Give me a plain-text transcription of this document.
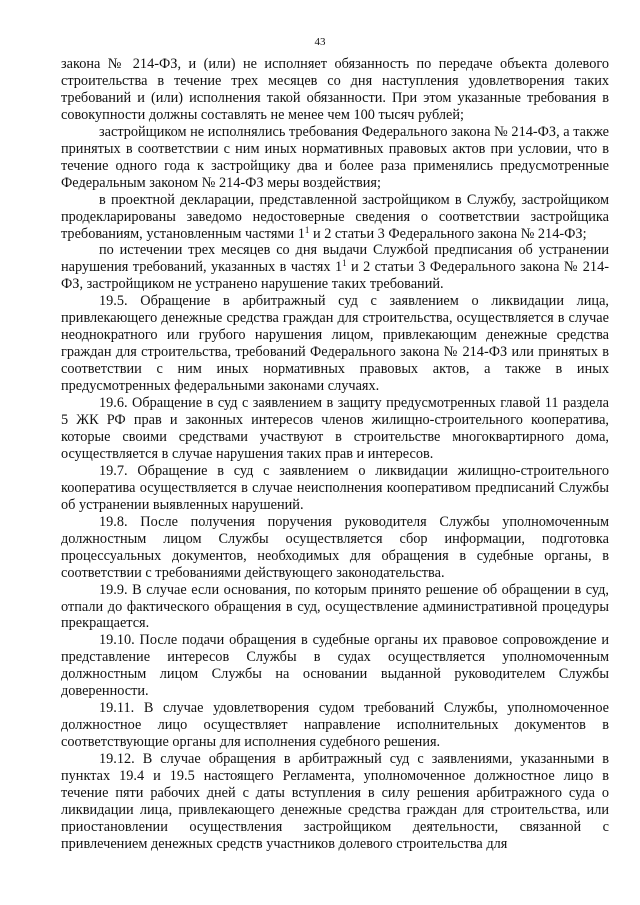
43

закона № 214-ФЗ, и (или) не исполняет обязанность по передаче объекта долевого строительства в течение трех месяцев со дня наступления удовлетворения таких требований и (или) исполнения такой обязанности. При этом указанные требования в совокупности должны составлять не менее чем 100 тысяч рублей;

застройщиком не исполнялись требования Федерального закона № 214-ФЗ, а также принятых в соответствии с ним иных нормативных правовых актов при условии, что в течение одного года к застройщику два и более раза применялись предусмотренные Федеральным законом № 214-ФЗ меры воздействия;

в проектной декларации, представленной застройщиком в Службу, застройщиком продекларированы заведомо недостоверные сведения о соответствии застройщика требованиям, установленным частями $1^1$ и 2 статьи 3 Федерального закона № 214-ФЗ;

по истечении трех месяцев со дня выдачи Службой предписания об устранении нарушения требований, указанных в частях $1^1$ и 2 статьи 3 Федерального закона № 214-ФЗ, застройщиком не устранено нарушение таких требований.

19.5. Обращение в арбитражный суд с заявлением о ликвидации лица, привлекающего денежные средства граждан для строительства, осуществляется в случае неоднократного или грубого нарушения лицом, привлекающим денежные средства граждан для строительства, требований Федерального закона № 214-ФЗ или принятых в соответствии с ним иных нормативных правовых актов, а также в иных предусмотренных федеральными законами случаях.

19.6. Обращение в суд с заявлением в защиту предусмотренных главой 11 раздела 5 ЖК РФ прав и законных интересов членов жилищно-строительного кооператива, которые своими средствами участвуют в строительстве многоквартирного дома, осуществляется в случае нарушения таких прав и интересов.

19.7. Обращение в суд с заявлением о ликвидации жилищно-строительного кооператива осуществляется в случае неисполнения кооперативом предписаний Службы об устранении выявленных нарушений.

19.8. После получения поручения руководителя Службы уполномоченным должностным лицом Службы осуществляется сбор информации, подготовка процессуальных документов, необходимых для обращения в судебные органы, в соответствии с требованиями действующего законодательства.

19.9. В случае если основания, по которым принято решение об обращении в суд, отпали до фактического обращения в суд, осуществление административной процедуры прекращается.

19.10. После подачи обращения в судебные органы их правовое сопровождение и представление интересов Службы в судах осуществляется уполномоченным должностным лицом Службы на основании выданной руководителем Службы доверенности.

19.11. В случае удовлетворения судом требований Службы, уполномоченное должностное лицо осуществляет направление исполнительных документов в соответствующие органы для исполнения судебного решения.

19.12. В случае обращения в арбитражный суд с заявлениями, указанными в пунктах 19.4 и 19.5 настоящего Регламента, уполномоченное должностное лицо в течение пяти рабочих дней с даты вступления в силу решения арбитражного суда о ликвидации лица, привлекающего денежные средства граждан для строительства, или приостановлении осуществления застройщиком деятельности, связанной с привлечением денежных средств участников долевого строительства для
